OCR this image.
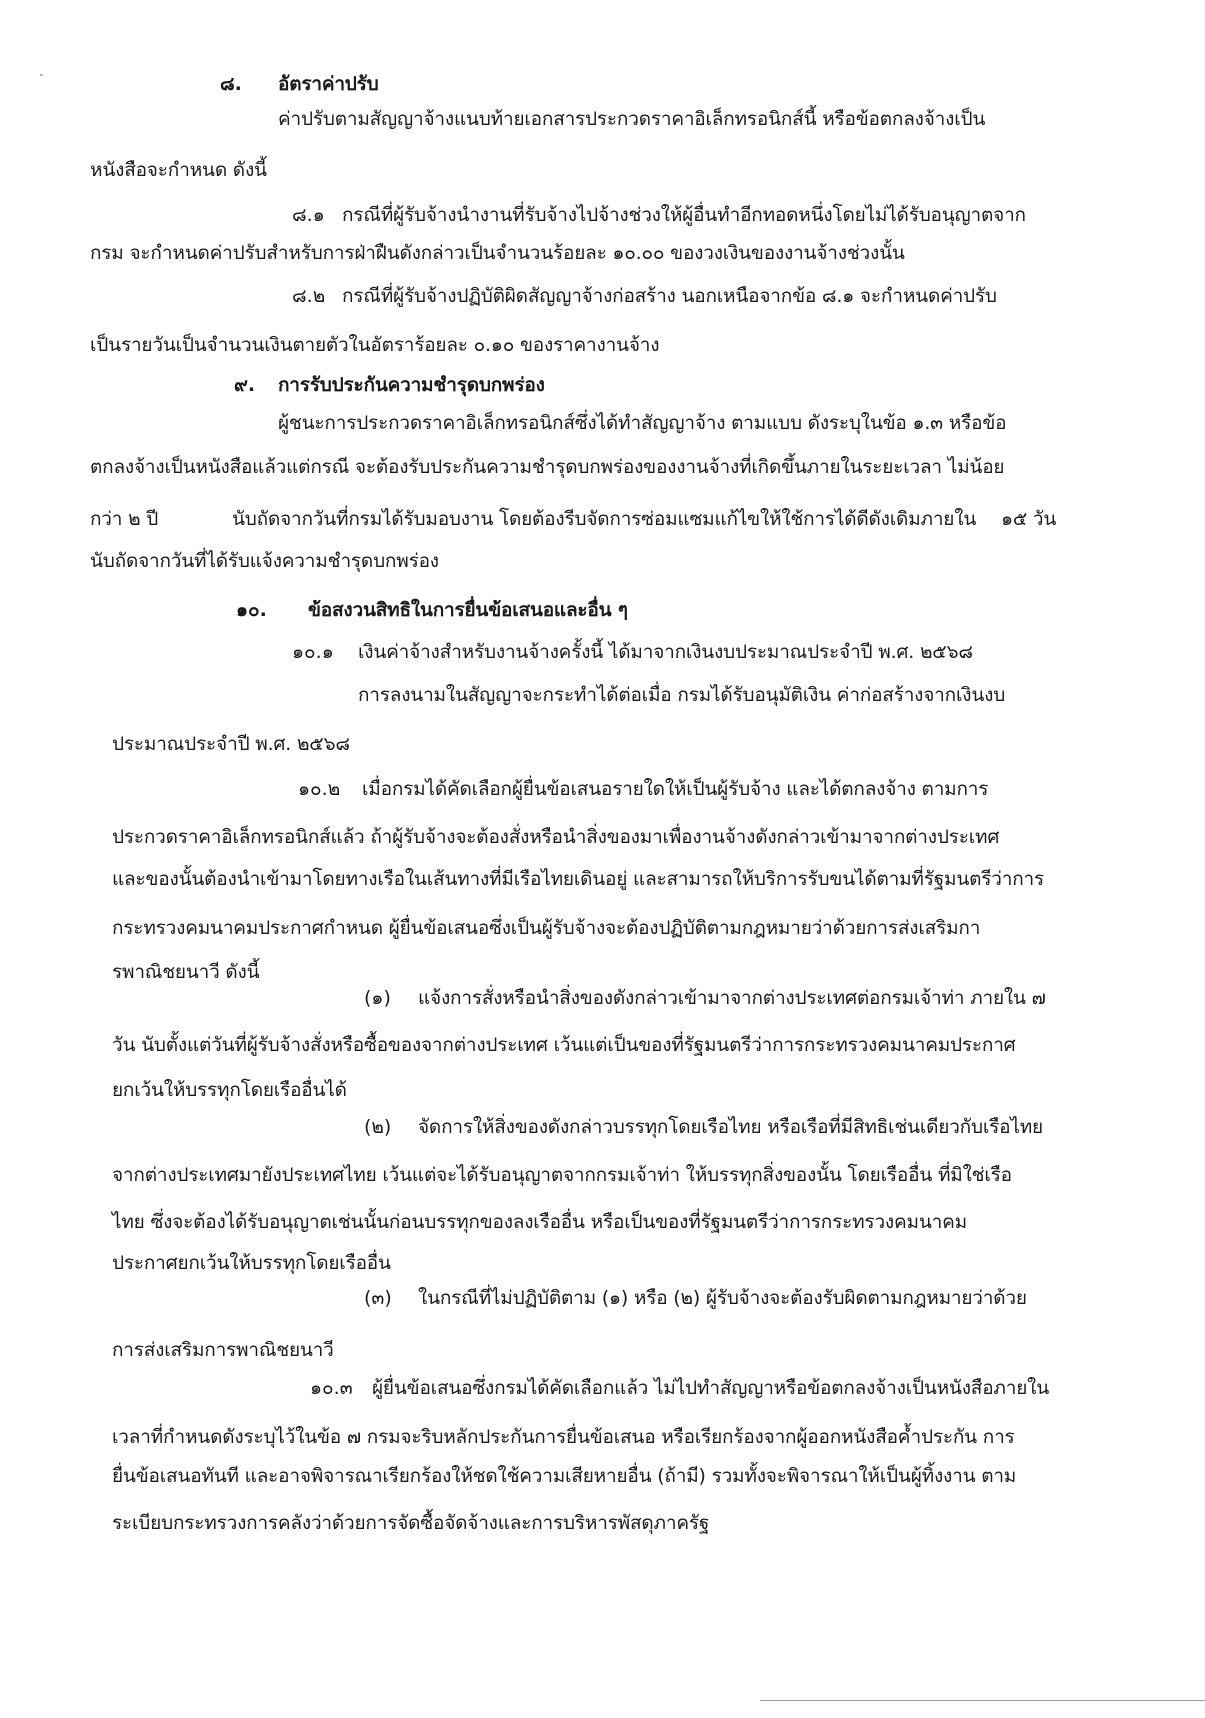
๘. อัตราค่าปรับ
ค่าปรับตามสัญญาจ้างแนบท้ายเอกสารประกวดราคาอิเล็กทรอนิกส์นี้ หรือข้อตกลงจ้างเป็น
หนังสือจะกำหนด ดังนี้
๘.๑ กรณีที่ผู้รับจ้างนำงานที่รับจ้างไปจ้างช่วงให้ผู้อื่นทำอีกทอดหนึ่งโดยไม่ได้รับอนุญาตจาก
กรม จะกำหนดค่าปรับสำหรับการฝ่าฝืนดังกล่าวเป็นจำนวนร้อยละ ๑๐.๐๐ ของวงเงินของงานจ้างช่วงนั้น
๘.๒ กรณีที่ผู้รับจ้างปฏิบัติผิดสัญญาจ้างก่อสร้าง นอกเหนือจากข้อ ๘.๑ จะกำหนดค่าปรับ
เป็นรายวันเป็นจำนวนเงินตายตัวในอัตราร้อยละ ๐.๑๐ ของราคางานจ้าง
๙. การรับประกันความชำรุดบกพร่อง
ผู้ชนะการประกวดราคาอิเล็กทรอนิกส์ซึ่งได้ทำสัญญาจ้าง ตามแบบ ดังระบุในข้อ ๑.๓ หรือข้อ
ตกลงจ้างเป็นหนังสือแล้วแต่กรณี จะต้องรับประกันความชำรุดบกพร่องของงานจ้างที่เกิดขึ้นภายในระยะเวลา ไม่น้อย
กว่า ๒ ปี	นับถัดจากวันที่กรมได้รับมอบงาน โดยต้องรีบจัดการซ่อมแซมแก้ไขให้ใช้การได้ดีดังเดิมภายใน ๑๕ วัน
นับถัดจากวันที่ได้รับแจ้งความชำรุดบกพร่อง
๑๐. ข้อสงวนสิทธิในการยื่นข้อเสนอและอื่น ๆ
๑๐.๑ เงินค่าจ้างสำหรับงานจ้างครั้งนี้ ได้มาจากเงินงบประมาณประจำปี พ.ศ. ๒๕๖๘
การลงนามในสัญญาจะกระทำได้ต่อเมื่อ กรมได้รับอนุมัติเงิน ค่าก่อสร้างจากเงินงบ
ประมาณประจำปี พ.ศ. ๒๕๖๘
๑๐.๒ เมื่อกรมได้คัดเลือกผู้ยื่นข้อเสนอรายใดให้เป็นผู้รับจ้าง และได้ตกลงจ้าง ตามการ
ประกวดราคาอิเล็กทรอนิกส์แล้ว ถ้าผู้รับจ้างจะต้องสั่งหรือนำสิ่งของมาเพื่องานจ้างดังกล่าวเข้ามาจากต่างประเทศ
และของนั้นต้องนำเข้ามาโดยทางเรือในเส้นทางที่มีเรือไทยเดินอยู่ และสามารถให้บริการรับขนได้ตามที่รัฐมนตรีว่าการ
กระทรวงคมนาคมประกาศกำหนด ผู้ยื่นข้อเสนอซึ่งเป็นผู้รับจ้างจะต้องปฏิบัติตามกฎหมายว่าด้วยการส่งเสริมกา
รพาณิชยนาวี ดังนี้
(๑) แจ้งการสั่งหรือนำสิ่งของดังกล่าวเข้ามาจากต่างประเทศต่อกรมเจ้าท่า ภายใน ๗
วัน นับตั้งแต่วันที่ผู้รับจ้างสั่งหรือซื้อของจากต่างประเทศ เว้นแต่เป็นของที่รัฐมนตรีว่าการกระทรวงคมนาคมประกาศ
ยกเว้นให้บรรทุกโดยเรืออื่นได้
(๒) จัดการให้สิ่งของดังกล่าวบรรทุกโดยเรือไทย หรือเรือที่มีสิทธิเช่นเดียวกับเรือไทย
จากต่างประเทศมายังประเทศไทย เว้นแต่จะได้รับอนุญาตจากกรมเจ้าท่า ให้บรรทุกสิ่งของนั้น โดยเรืออื่น ที่มิใช่เรือ
ไทย ซึ่งจะต้องได้รับอนุญาตเช่นนั้นก่อนบรรทุกของลงเรืออื่น หรือเป็นของที่รัฐมนตรีว่าการกระทรวงคมนาคม
ประกาศยกเว้นให้บรรทุกโดยเรืออื่น
(๓) ในกรณีที่ไม่ปฏิบัติตาม (๑) หรือ (๒) ผู้รับจ้างจะต้องรับผิดตามกฎหมายว่าด้วย
การส่งเสริมการพาณิชยนาวี
๑๐.๓ ผู้ยื่นข้อเสนอซึ่งกรมได้คัดเลือกแล้ว ไม่ไปทำสัญญาหรือข้อตกลงจ้างเป็นหนังสือภายใน
เวลาที่กำหนดดังระบุไว้ในข้อ ๗ กรมจะริบหลักประกันการยื่นข้อเสนอ หรือเรียกร้องจากผู้ออกหนังสือค้ำประกัน การ
ยื่นข้อเสนอทันที และอาจพิจารณาเรียกร้องให้ชดใช้ความเสียหายอื่น (ถ้ามี) รวมทั้งจะพิจารณาให้เป็นผู้ทิ้งงาน ตาม
ระเบียบกระทรวงการคลังว่าด้วยการจัดซื้อจัดจ้างและการบริหารพัสดุภาครัฐ
